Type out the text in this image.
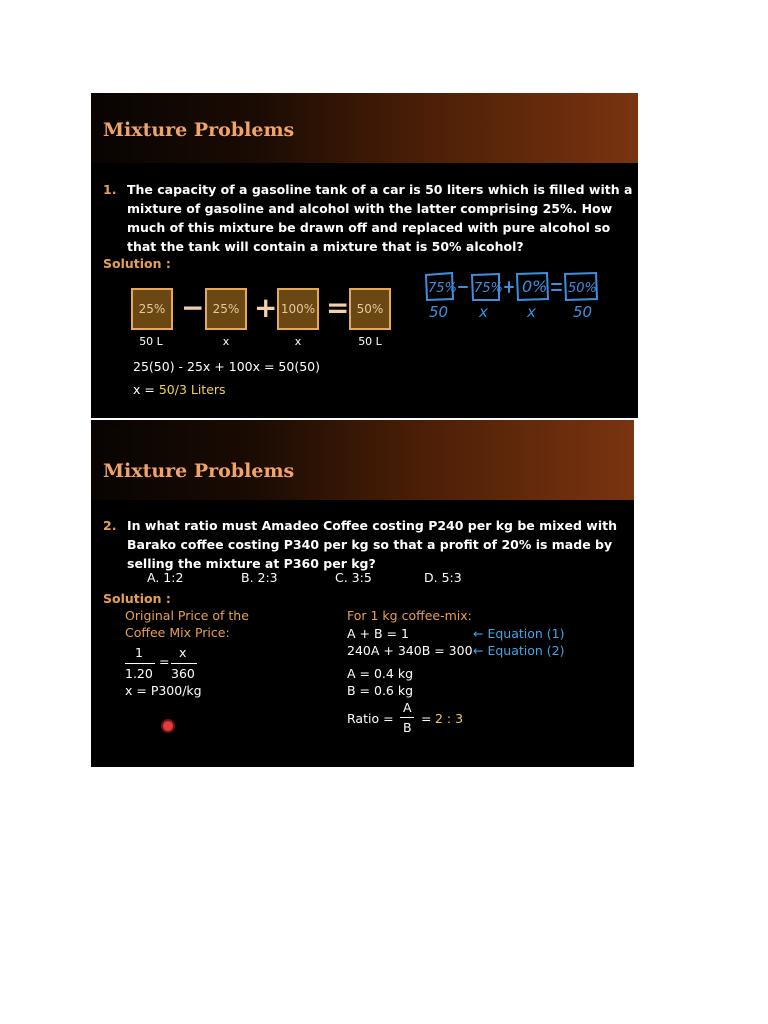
Mixture Problems
1. The capacity of a gasoline tank of a car is 50 liters which is filled with a
mixture of gasoline and alcohol with the latter comprising 25%. How
much of this mixture be drawn off and replaced with pure alcohol so
that the tank will contain a mixture that is 50% alcohol?
Solution :
25% − 25% + 100% = 50%
50 L	x	x	50 L
25(50) - 25x + 100x = 50(50)
x = 50/3 Liters
75% 75% 0% 50%
50 x	x 50
Mixture Problems
2. In what ratio must Amadeo Coffee costing P240 per kg be mixed with
Barako coffee costing P340 per kg so that a profit of 20% is made by
selling the mixture at P360 per kg?
A. 1:2	B. 2:3	C. 3:5	D. 5:3
Solution :
Original Price of the
Coffee Mix Price:
1
1.20
=
x
360
x = P300/kg
For 1 kg coffee-mix:
A + B = 1	← Equation (1)
240A + 340B = 300 ← Equation (2)
A = 0.4 kg
B = 0.6 kg
Ratio =
A
B
= 2 : 3
